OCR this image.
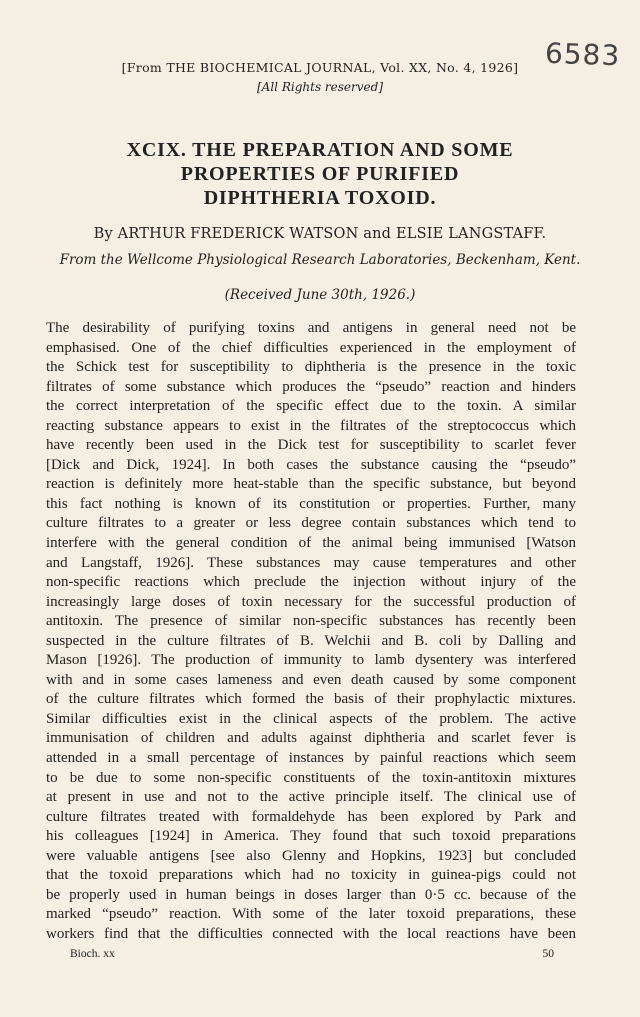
6583
[From THE BIOCHEMICAL JOURNAL, Vol. XX, No. 4, 1926]
[All Rights reserved]
XCIX. THE PREPARATION AND SOME
PROPERTIES OF PURIFIED
DIPHTHERIA TOXOID.
By ARTHUR FREDERICK WATSON and ELSIE LANGSTAFF.
From the Wellcome Physiological Research Laboratories, Beckenham, Kent.
(Received June 30th, 1926.)
The desirability of purifying toxins and antigens in general need not be
emphasised. One of the chief difficulties experienced in the employment of
the Schick test for susceptibility to diphtheria is the presence in the toxic
filtrates of some substance which produces the “pseudo” reaction and hinders
the correct interpretation of the specific effect due to the toxin. A similar
reacting substance appears to exist in the filtrates of the streptococcus which
have recently been used in the Dick test for susceptibility to scarlet fever
[Dick and Dick, 1924]. In both cases the substance causing the “pseudo”
reaction is definitely more heat-stable than the specific substance, but beyond
this fact nothing is known of its constitution or properties. Further, many
culture filtrates to a greater or less degree contain substances which tend to
interfere with the general condition of the animal being immunised [Watson
and Langstaff, 1926]. These substances may cause temperatures and other
non-specific reactions which preclude the injection without injury of the
increasingly large doses of toxin necessary for the successful production of
antitoxin. The presence of similar non-specific substances has recently been
suspected in the culture filtrates of B. Welchii and B. coli by Dalling and
Mason [1926]. The production of immunity to lamb dysentery was interfered
with and in some cases lameness and even death caused by some component
of the culture filtrates which formed the basis of their prophylactic mixtures.
Similar difficulties exist in the clinical aspects of the problem. The active
immunisation of children and adults against diphtheria and scarlet fever is
attended in a small percentage of instances by painful reactions which seem
to be due to some non-specific constituents of the toxin-antitoxin mixtures
at present in use and not to the active principle itself. The clinical use of
culture filtrates treated with formaldehyde has been explored by Park and
his colleagues [1924] in America. They found that such toxoid preparations
were valuable antigens [see also Glenny and Hopkins, 1923] but concluded
that the toxoid preparations which had no toxicity in guinea-pigs could not
be properly used in human beings in doses larger than 0·5 cc. because of the
marked “pseudo” reaction. With some of the later toxoid preparations, these
workers find that the difficulties connected with the local reactions have been
Bioch. xx	50
